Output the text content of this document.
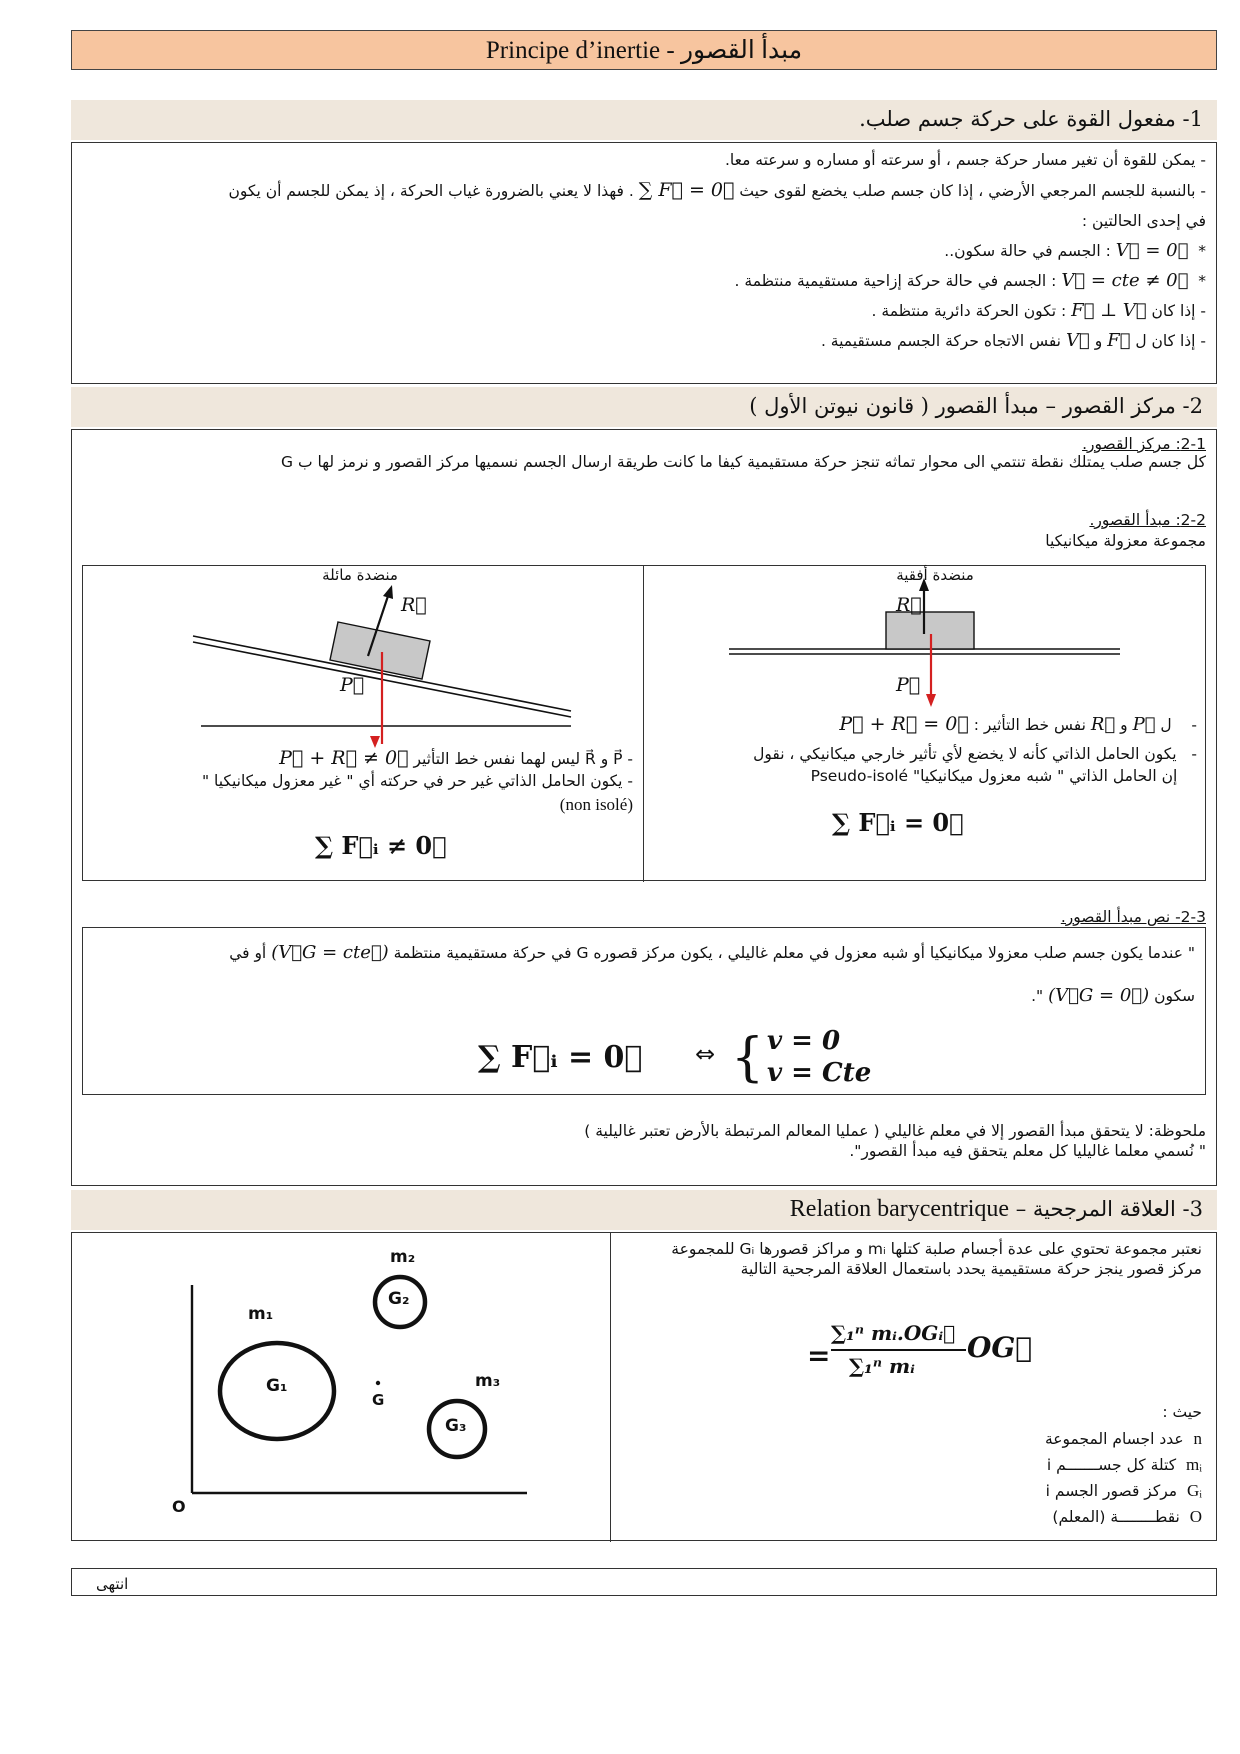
Principe d’inertie - مبدأ القصور
1- مفعول القوة على حركة جسم صلب.

- يمكن للقوة أن تغير مسار حركة جسم ، أو سرعته أو مساره و سرعته معا.

- بالنسبة للجسم المرجعي الأرضي ، إذا كان جسم صلب يخضع لقوى حيث ∑ F⃗ = 0⃗ . فهذا لا يعني بالضرورة غياب الحركة ، إذ يمكن للجسم أن يكون

في إحدى الحالتين :

*  V⃗ = 0⃗ : الجسم في حالة سكون..

*  V⃗ = cte ≠ 0⃗ : الجسم في حالة حركة إزاحية مستقيمية منتظمة .

- إذا كان F⃗ ⊥ V⃗ : تكون الحركة دائرية منتظمة .

- إذا كان ل F⃗ و V⃗ نفس الاتجاه حركة الجسم مستقيمية .

2- مركز القصور – مبدأ القصور ( قانون نيوتن الأول )
2-1: مركز القصور.
كل جسم صلب يمتلك نقطة تنتمي الى محوار تماثه تنجز حركة مستقيمية كيفا ما كانت طريقة ارسال الجسم نسميها مركز القصور و نرمز لها ب G
2-2: مبدأ القصور.
مجموعة معزولة ميكانيكيا
منضدة أفقية
R⃗
P⃗
-    ل P⃗ و R⃗ نفس خط التأثير : P⃗ + R⃗ = 0⃗
-   يكون الحامل الذاتي كأنه لا يخضع لأي تأثير خارجي ميكانيكي ، نقول
إن الحامل الذاتي " شبه معزول ميكانيكيا" Pseudo-isolé
∑ F⃗ᵢ = 0⃗
منضدة مائلة
R⃗
P⃗
- P⃗ و R⃗ ليس لهما نفس خط التأثير P⃗ + R⃗ ≠ 0⃗
- يكون الحامل الذاتي غير حر في حركته أي " غير معزول ميكانيكيا "
(non isolé)
∑ F⃗ᵢ ≠ 0⃗
2-3- نص مبدأ القصور.
" عندما يكون جسم صلب معزولا ميكانيكيا أو شبه معزول في معلم غاليلي ، يكون مركز قصوره G في حركة مستقيمية منتظمة (V⃗G = cte⃗) أو في
سكون (V⃗G = 0⃗) ".
∑ F⃗ᵢ = 0⃗ ⇔ { v = 0
v = Cte
ملحوظة: لا يتحقق مبدأ القصور إلا في معلم غاليلي ( عمليا المعالم المرتبطة بالأرض تعتبر غاليلية )
" نُسمي معلما غاليليا كل معلم يتحقق فيه مبدأ القصور".
3- العلاقة المرجحية – Relation barycentrique
نعتبر مجموعة تحتوي على عدة أجسام صلبة كتلها mᵢ و مراكز قصورها Gᵢ للمجموعة مركز قصور ينجز حركة مستقيمية يحدد باستعمال العلاقة المرجحية التالية
=
∑₁ⁿ mᵢ.OGᵢ⃗
∑₁ⁿ mᵢ
OG⃗
حيث :
n  عدد اجسام المجموعة
mᵢ  كتلة كل جســـــــم i
Gᵢ  مركز قصور الجسم i
O  نقطــــــــة (المعلم)
m₁
m₂
m₃
G₁
G₂
G₃
G
O
انتهى
